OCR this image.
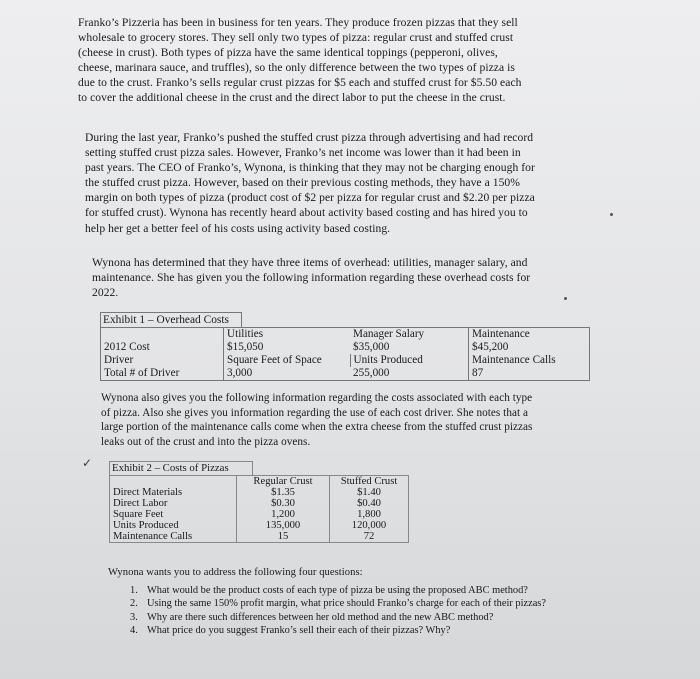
Franko’s Pizzeria has been in business for ten years. They produce frozen pizzas that they sell

wholesale to grocery stores. They sell only two types of pizza: regular crust and stuffed crust

(cheese in crust). Both types of pizza have the same identical toppings (pepperoni, olives,

cheese, marinara sauce, and truffles), so the only difference between the two types of pizza is

due to the crust. Franko’s sells regular crust pizzas for $5 each and stuffed crust for $5.50 each

to cover the additional cheese in the crust and the direct labor to put the cheese in the crust.

During the last year, Franko’s pushed the stuffed crust pizza through advertising and had record

setting stuffed crust pizza sales. However, Franko’s net income was lower than it had been in

past years. The CEO of Franko’s, Wynona, is thinking that they may not be charging enough for

the stuffed crust pizza. However, based on their previous costing methods, they have a 150%

margin on both types of pizza (product cost of $2 per pizza for regular crust and $2.20 per pizza

for stuffed crust). Wynona has recently heard about activity based costing and has hired you to

help her get a better feel of his costs using activity based costing.

Wynona has determined that they have three items of overhead: utilities, manager salary, and

maintenance. She has given you the following information regarding these overhead costs for

2022.

Exhibit 1 – Overhead Costs
	Utilities	Manager Salary	Maintenance
2012 Cost	$15,050	$35,000	$45,200
Driver	Square Feet of Space	Units Produced	Maintenance Calls
Total # of Driver	3,000	255,000	87

Wynona also gives you the following information regarding the costs associated with each type

of pizza. Also she gives you information regarding the use of each cost driver. She notes that a

large portion of the maintenance calls come when the extra cheese from the stuffed crust pizzas

leaks out of the crust and into the pizza ovens.

✓ Exhibit 2 – Costs of Pizzas
	Regular Crust	Stuffed Crust
Direct Materials	$1.35	$1.40
Direct Labor	$0.30	$0.40
Square Feet	1,200	1,800
Units Produced	135,000	120,000
Maintenance Calls	15	72
Wynona wants you to address the following four questions:
1. What would be the product costs of each type of pizza be using the proposed ABC method?
2. Using the same 150% profit margin, what price should Franko’s charge for each of their pizzas?
3. Why are there such differences between her old method and the new ABC method?
4. What price do you suggest Franko’s sell their each of their pizzas? Why?
